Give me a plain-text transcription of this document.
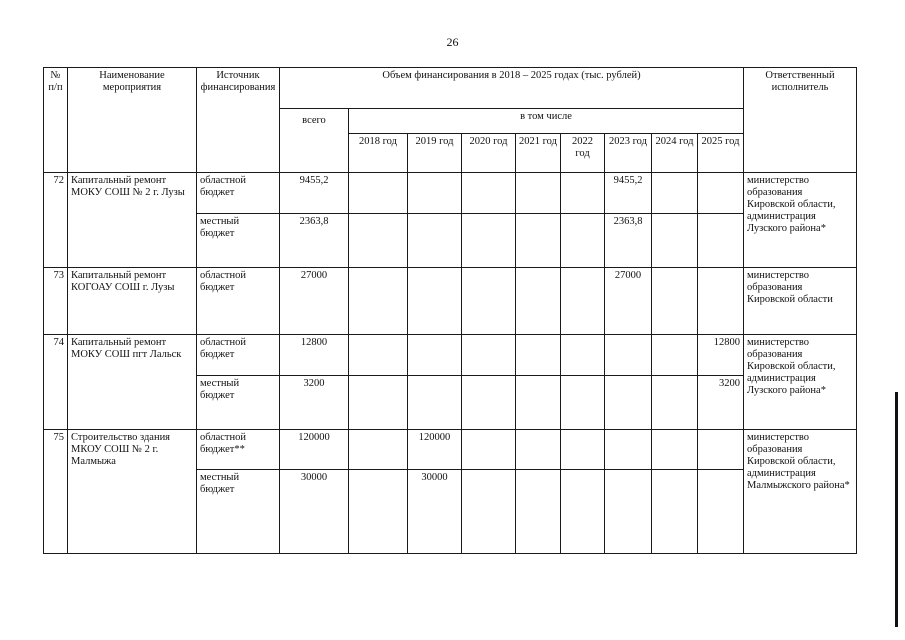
26
№ п/п	Наименование мероприятия	Источник финансирования	Объем финансирования в 2018 – 2025 годах (тыс. рублей)									Ответственный исполнитель
			всего	в том числе								
				2018 год	2019 год	2020 год	2021 год	2022 год	2023 год	2024 год	2025 год	
72	Капитальный ремонт МОКУ СОШ № 2 г. Лузы	областной бюджет	9455,2						9455,2			министерство образования Кировской области, администрация Лузского района*
		местный бюджет	2363,8						2363,8			
73	Капитальный ремонт КОГОАУ СОШ г. Лузы	областной бюджет	27000						27000			министерство образования Кировской области
74	Капитальный ремонт МОКУ СОШ пгт Лальск	областной бюджет	12800								12800	министерство образования Кировской области, администрация Лузского района*
		местный бюджет	3200								3200	
75	Строительство здания МКОУ СОШ № 2 г. Малмыжа	областной бюджет**	120000		120000							министерство образования Кировской области, администрация Малмыжского района*
		местный бюджет	30000		30000							
